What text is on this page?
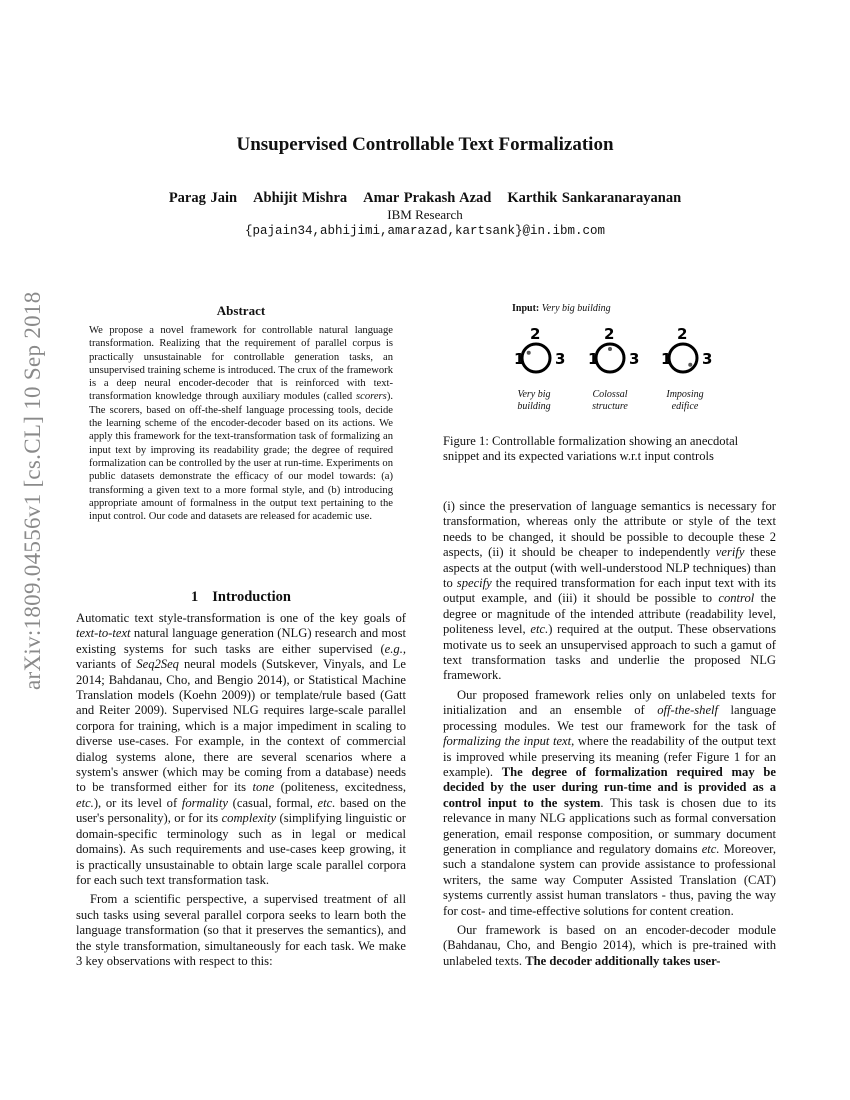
arXiv:1809.04556v1 [cs.CL] 10 Sep 2018
Unsupervised Controllable Text Formalization
Parag Jain Abhijit Mishra Amar Prakash Azad Karthik Sankaranarayanan
IBM Research
{pajain34,abhijimi,amarazad,kartsank}@in.ibm.com
Abstract
We propose a novel framework for controllable natural language transformation. Realizing that the requirement of parallel corpus is practically unsustainable for controllable generation tasks, an unsupervised training scheme is introduced. The crux of the framework is a deep neural encoder-decoder that is reinforced with text-transformation knowledge through auxiliary modules (called scorers). The scorers, based on off-the-shelf language processing tools, decide the learning scheme of the encoder-decoder based on its actions. We apply this framework for the text-transformation task of formalizing an input text by improving its readability grade; the degree of required formalization can be controlled by the user at run-time. Experiments on public datasets demonstrate the efficacy of our model towards: (a) transforming a given text to a more formal style, and (b) introducing appropriate amount of formalness in the output text pertaining to the input control. Our code and datasets are released for academic use.
1 Introduction

Automatic text style-transformation is one of the key goals of text-to-text natural language generation (NLG) research and most existing systems for such tasks are either supervised (e.g., variants of Seq2Seq neural models (Sutskever, Vinyals, and Le 2014; Bahdanau, Cho, and Bengio 2014), or Statistical Machine Translation models (Koehn 2009)) or template/rule based (Gatt and Reiter 2009). Supervised NLG requires large-scale parallel corpora for training, which is a major impediment in scaling to diverse use-cases. For example, in the context of commercial dialog systems alone, there are several scenarios where a system's answer (which may be coming from a database) needs to be transformed either for its tone (politeness, excitedness, etc.), or its level of formality (casual, formal, etc. based on the user's personality), or for its complexity (simplifying linguistic or domain-specific terminology such as in legal or medical domains). As such requirements and use-cases keep growing, it is practically unsustainable to obtain large scale parallel corpora for each such text transformation task.

From a scientific perspective, a supervised treatment of all such tasks using several parallel corpora seeks to learn both the language transformation (so that it preserves the semantics), and the style transformation, simultaneously for each task. We make 3 key observations with respect to this:

Input: Very big building
1
2
3 1
2
3 1
2
3
Very big
building
Colossal
structure
Imposing
edifice
Figure 1: Controllable formalization showing an anecdotal snippet and its expected variations w.r.t input controls

(i) since the preservation of language semantics is necessary for transformation, whereas only the attribute or style of the text needs to be changed, it should be possible to decouple these 2 aspects, (ii) it should be cheaper to independently verify these aspects at the output (with well-understood NLP techniques) than to specify the required transformation for each input text with its output example, and (iii) it should be possible to control the degree or magnitude of the intended attribute (readability level, politeness level, etc.) required at the output. These observations motivate us to seek an unsupervised approach to such a gamut of text transformation tasks and underlie the proposed NLG framework.

Our proposed framework relies only on unlabeled texts for initialization and an ensemble of off-the-shelf language processing modules. We test our framework for the task of formalizing the input text, where the readability of the output text is improved while preserving its meaning (refer Figure 1 for an example). The degree of formalization required may be decided by the user during run-time and is provided as a control input to the system. This task is chosen due to its relevance in many NLG applications such as formal conversation generation, email response composition, or summary document generation in compliance and regulatory domains etc. Moreover, such a standalone system can provide assistance to professional writers, the same way Computer Assisted Translation (CAT) systems currently assist human translators - thus, paving the way for cost- and time-effective solutions for content creation.

Our framework is based on an encoder-decoder module (Bahdanau, Cho, and Bengio 2014), which is pre-trained with unlabeled texts. The decoder additionally takes user-
